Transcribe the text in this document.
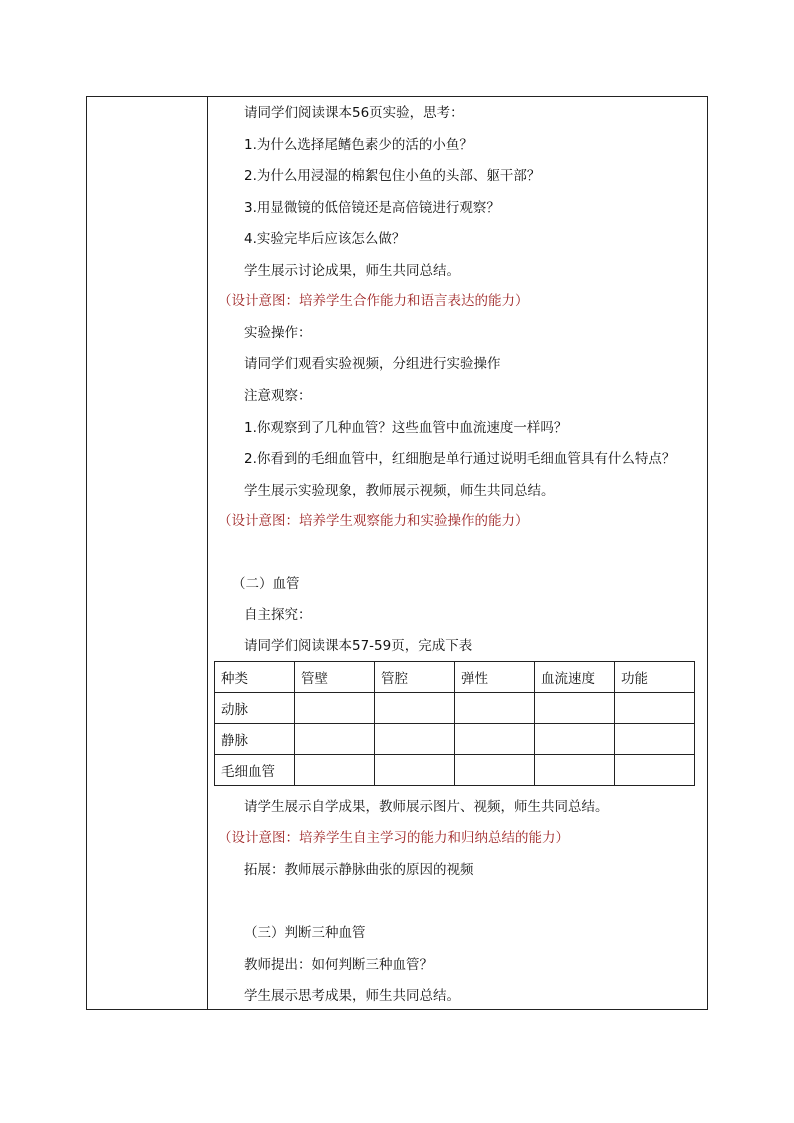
请同学们阅读课本56页实验，思考：
1.为什么选择尾鳍色素少的活的小鱼？
2.为什么用浸湿的棉絮包住小鱼的头部、躯干部？
3.用显微镜的低倍镜还是高倍镜进行观察？
4.实验完毕后应该怎么做？
学生展示讨论成果，师生共同总结。
（设计意图：培养学生合作能力和语言表达的能力）
实验操作：
请同学们观看实验视频，分组进行实验操作
注意观察：
1.你观察到了几种血管？这些血管中血流速度一样吗？
2.你看到的毛细血管中，红细胞是单行通过说明毛细血管具有什么特点？
学生展示实验现象，教师展示视频，师生共同总结。
（设计意图：培养学生观察能力和实验操作的能力）
（二）血管
自主探究：
请同学们阅读课本57-59页，完成下表
种类	管壁	管腔	弹性	血流速度	功能
动脉					
静脉					
毛细血管					
请学生展示自学成果，教师展示图片、视频，师生共同总结。
（设计意图：培养学生自主学习的能力和归纳总结的能力）
拓展：教师展示静脉曲张的原因的视频
（三）判断三种血管
教师提出：如何判断三种血管？
学生展示思考成果，师生共同总结。
